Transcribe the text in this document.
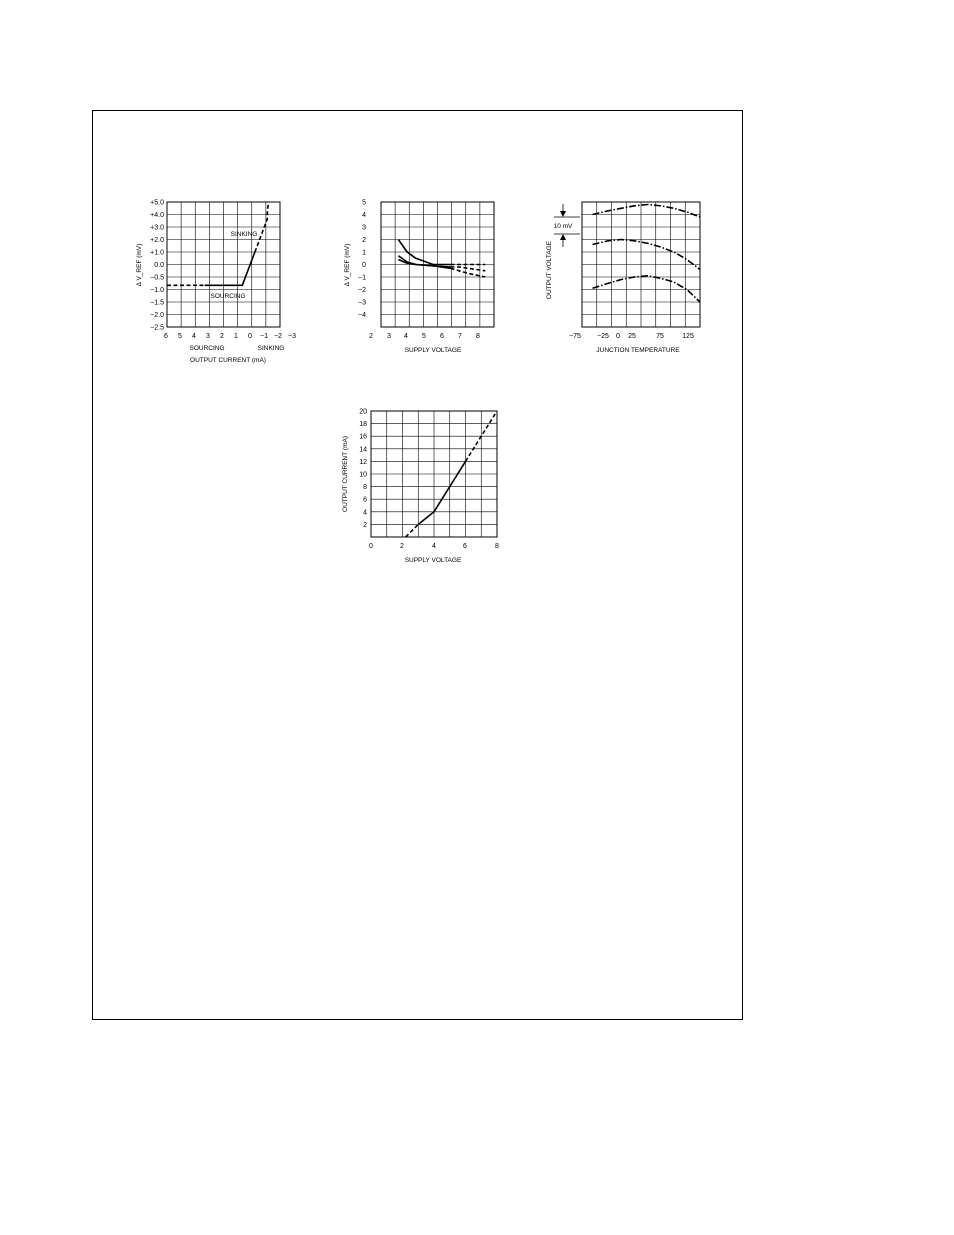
6 5 4 3 2 1 0 −1 −2 −3
+5.0
+4.0
+3.0
+2.0
+1.0
0.0
−0.5
−1.0
−1.5
−2.0
−2.5
SINKING
SOURCING
SOURCING	SINKING
OUTPUT CURRENT (mA)
Δ V_REF (mV)
2 3 4 5 6 7 8
5
4
3
2
1
0
−1
−2
−3
−4
SUPPLY VOLTAGE
Δ V_REF (mV)
−75 −25 0 25	75	125
10 mV
JUNCTION TEMPERATURE
OUTPUT VOLTAGE
0	2	4	6	8
2
4
6
8
10
12
14
16
18
20
SUPPLY VOLTAGE
OUTPUT CURRENT (mA)
